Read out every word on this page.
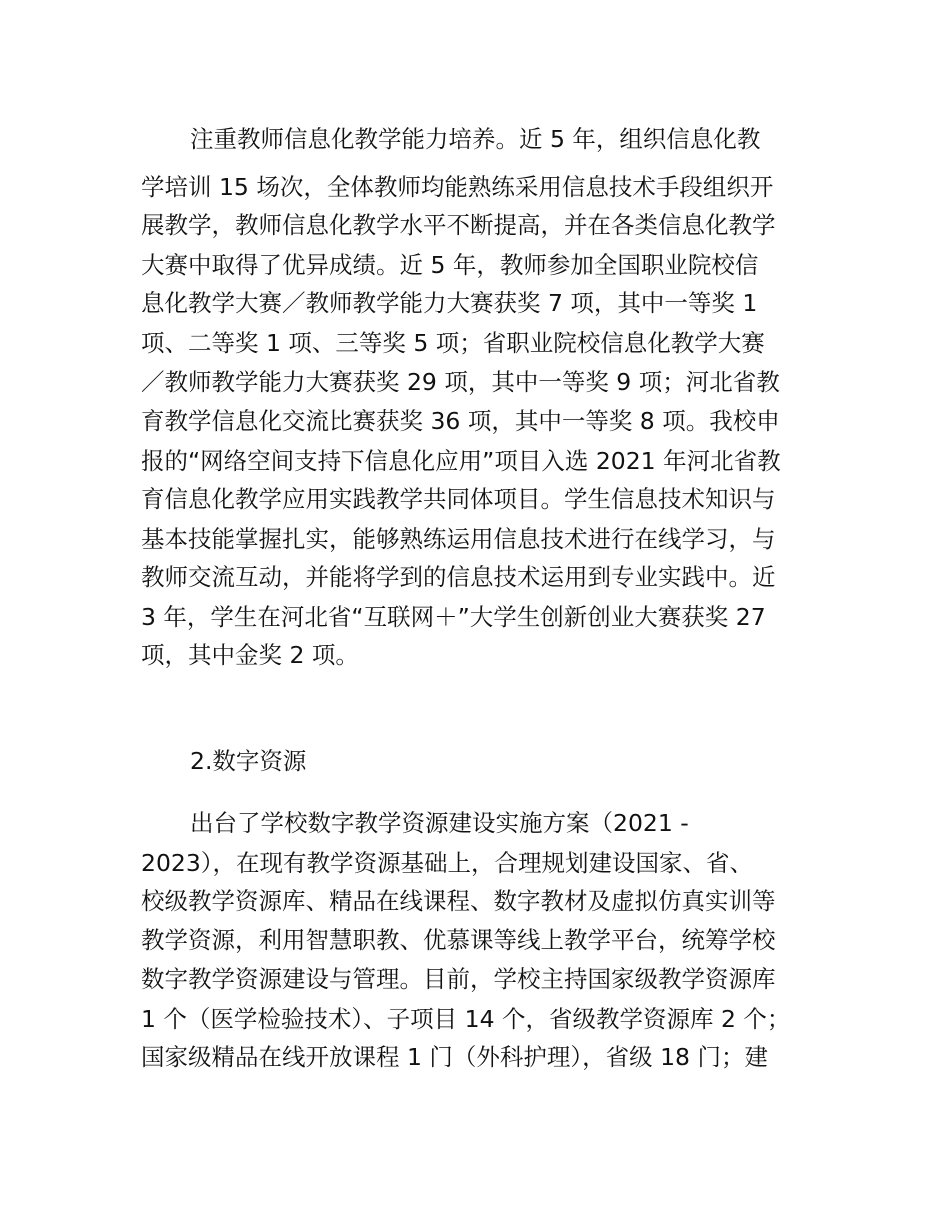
注重教师信息化教学能力培养。近 5 年，组织信息化教
学培训 15 场次，全体教师均能熟练采用信息技术手段组织开
展教学，教师信息化教学水平不断提高，并在各类信息化教学
大赛中取得了优异成绩。近 5 年，教师参加全国职业院校信
息化教学大赛／教师教学能力大赛获奖 7 项，其中一等奖 1
项、二等奖 1 项、三等奖 5 项；省职业院校信息化教学大赛
／教师教学能力大赛获奖 29 项，其中一等奖 9 项；河北省教
育教学信息化交流比赛获奖 36 项，其中一等奖 8 项。我校申
报的“网络空间支持下信息化应用”项目入选 2021 年河北省教
育信息化教学应用实践教学共同体项目。学生信息技术知识与
基本技能掌握扎实，能够熟练运用信息技术进行在线学习，与
教师交流互动，并能将学到的信息技术运用到专业实践中。近
3 年，学生在河北省“互联网＋”大学生创新创业大赛获奖 27
项，其中金奖 2 项。
2.数字资源
出台了学校数字教学资源建设实施方案（2021 -
2023），在现有教学资源基础上，合理规划建设国家、省、
校级教学资源库、精品在线课程、数字教材及虚拟仿真实训等
教学资源，利用智慧职教、优慕课等线上教学平台，统筹学校
数字教学资源建设与管理。目前，学校主持国家级教学资源库
1 个（医学检验技术）、子项目 14 个，省级教学资源库 2 个；
国家级精品在线开放课程 1 门（外科护理），省级 18 门；建
